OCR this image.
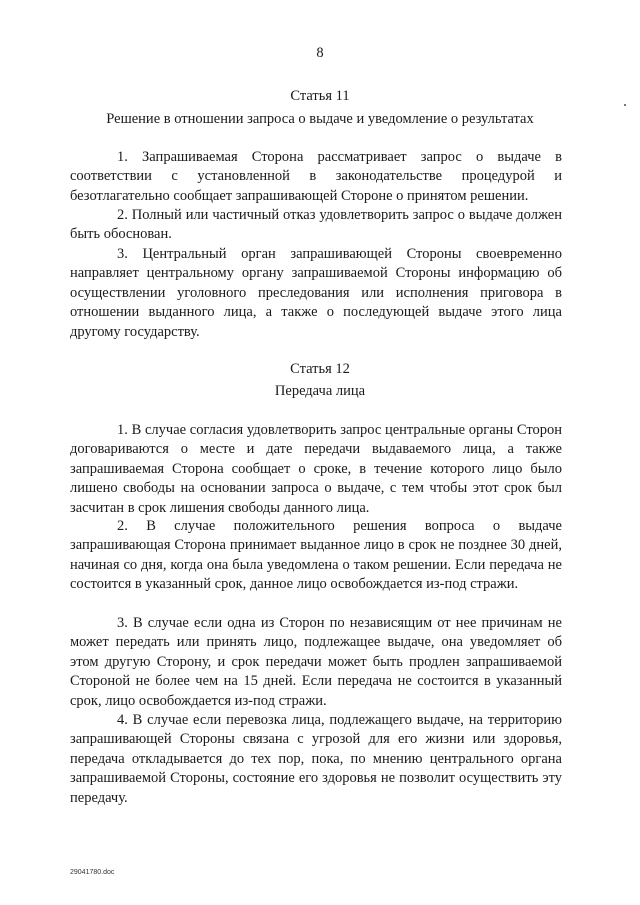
8
Статья 11
Решение в отношении запроса о выдаче и уведомление о результатах

1. Запрашиваемая Сторона рассматривает запрос о выдаче в соответствии с установленной в законодательстве процедурой и безотлагательно сообщает запрашивающей Стороне о принятом решении.

2. Полный или частичный отказ удовлетворить запрос о выдаче должен быть обоснован.

3. Центральный орган запрашивающей Стороны своевременно направляет центральному органу запрашиваемой Стороны информацию об осуществлении уголовного преследования или исполнения приговора в отношении выданного лица, а также о последующей выдаче этого лица другому государству.

Статья 12
Передача лица

1. В случае согласия удовлетворить запрос центральные органы Сторон договариваются о месте и дате передачи выдаваемого лица, а также запрашиваемая Сторона сообщает о сроке, в течение которого лицо было лишено свободы на основании запроса о выдаче, с тем чтобы этот срок был засчитан в срок лишения свободы данного лица.

2. В случае положительного решения вопроса о выдаче запрашивающая Сторона принимает выданное лицо в срок не позднее 30 дней, начиная со дня, когда она была уведомлена о таком решении. Если передача не состоится в указанный срок, данное лицо освобождается из-под стражи.

3. В случае если одна из Сторон по независящим от нее причинам не может передать или принять лицо, подлежащее выдаче, она уведомляет об этом другую Сторону, и срок передачи может быть продлен запрашиваемой Стороной не более чем на 15 дней. Если передача не состоится в указанный срок, лицо освобождается из-под стражи.

4. В случае если перевозка лица, подлежащего выдаче, на территорию запрашивающей Стороны связана с угрозой для его жизни или здоровья, передача откладывается до тех пор, пока, по мнению центрального органа запрашиваемой Стороны, состояние его здоровья не позволит осуществить эту передачу.

29041780.doc
